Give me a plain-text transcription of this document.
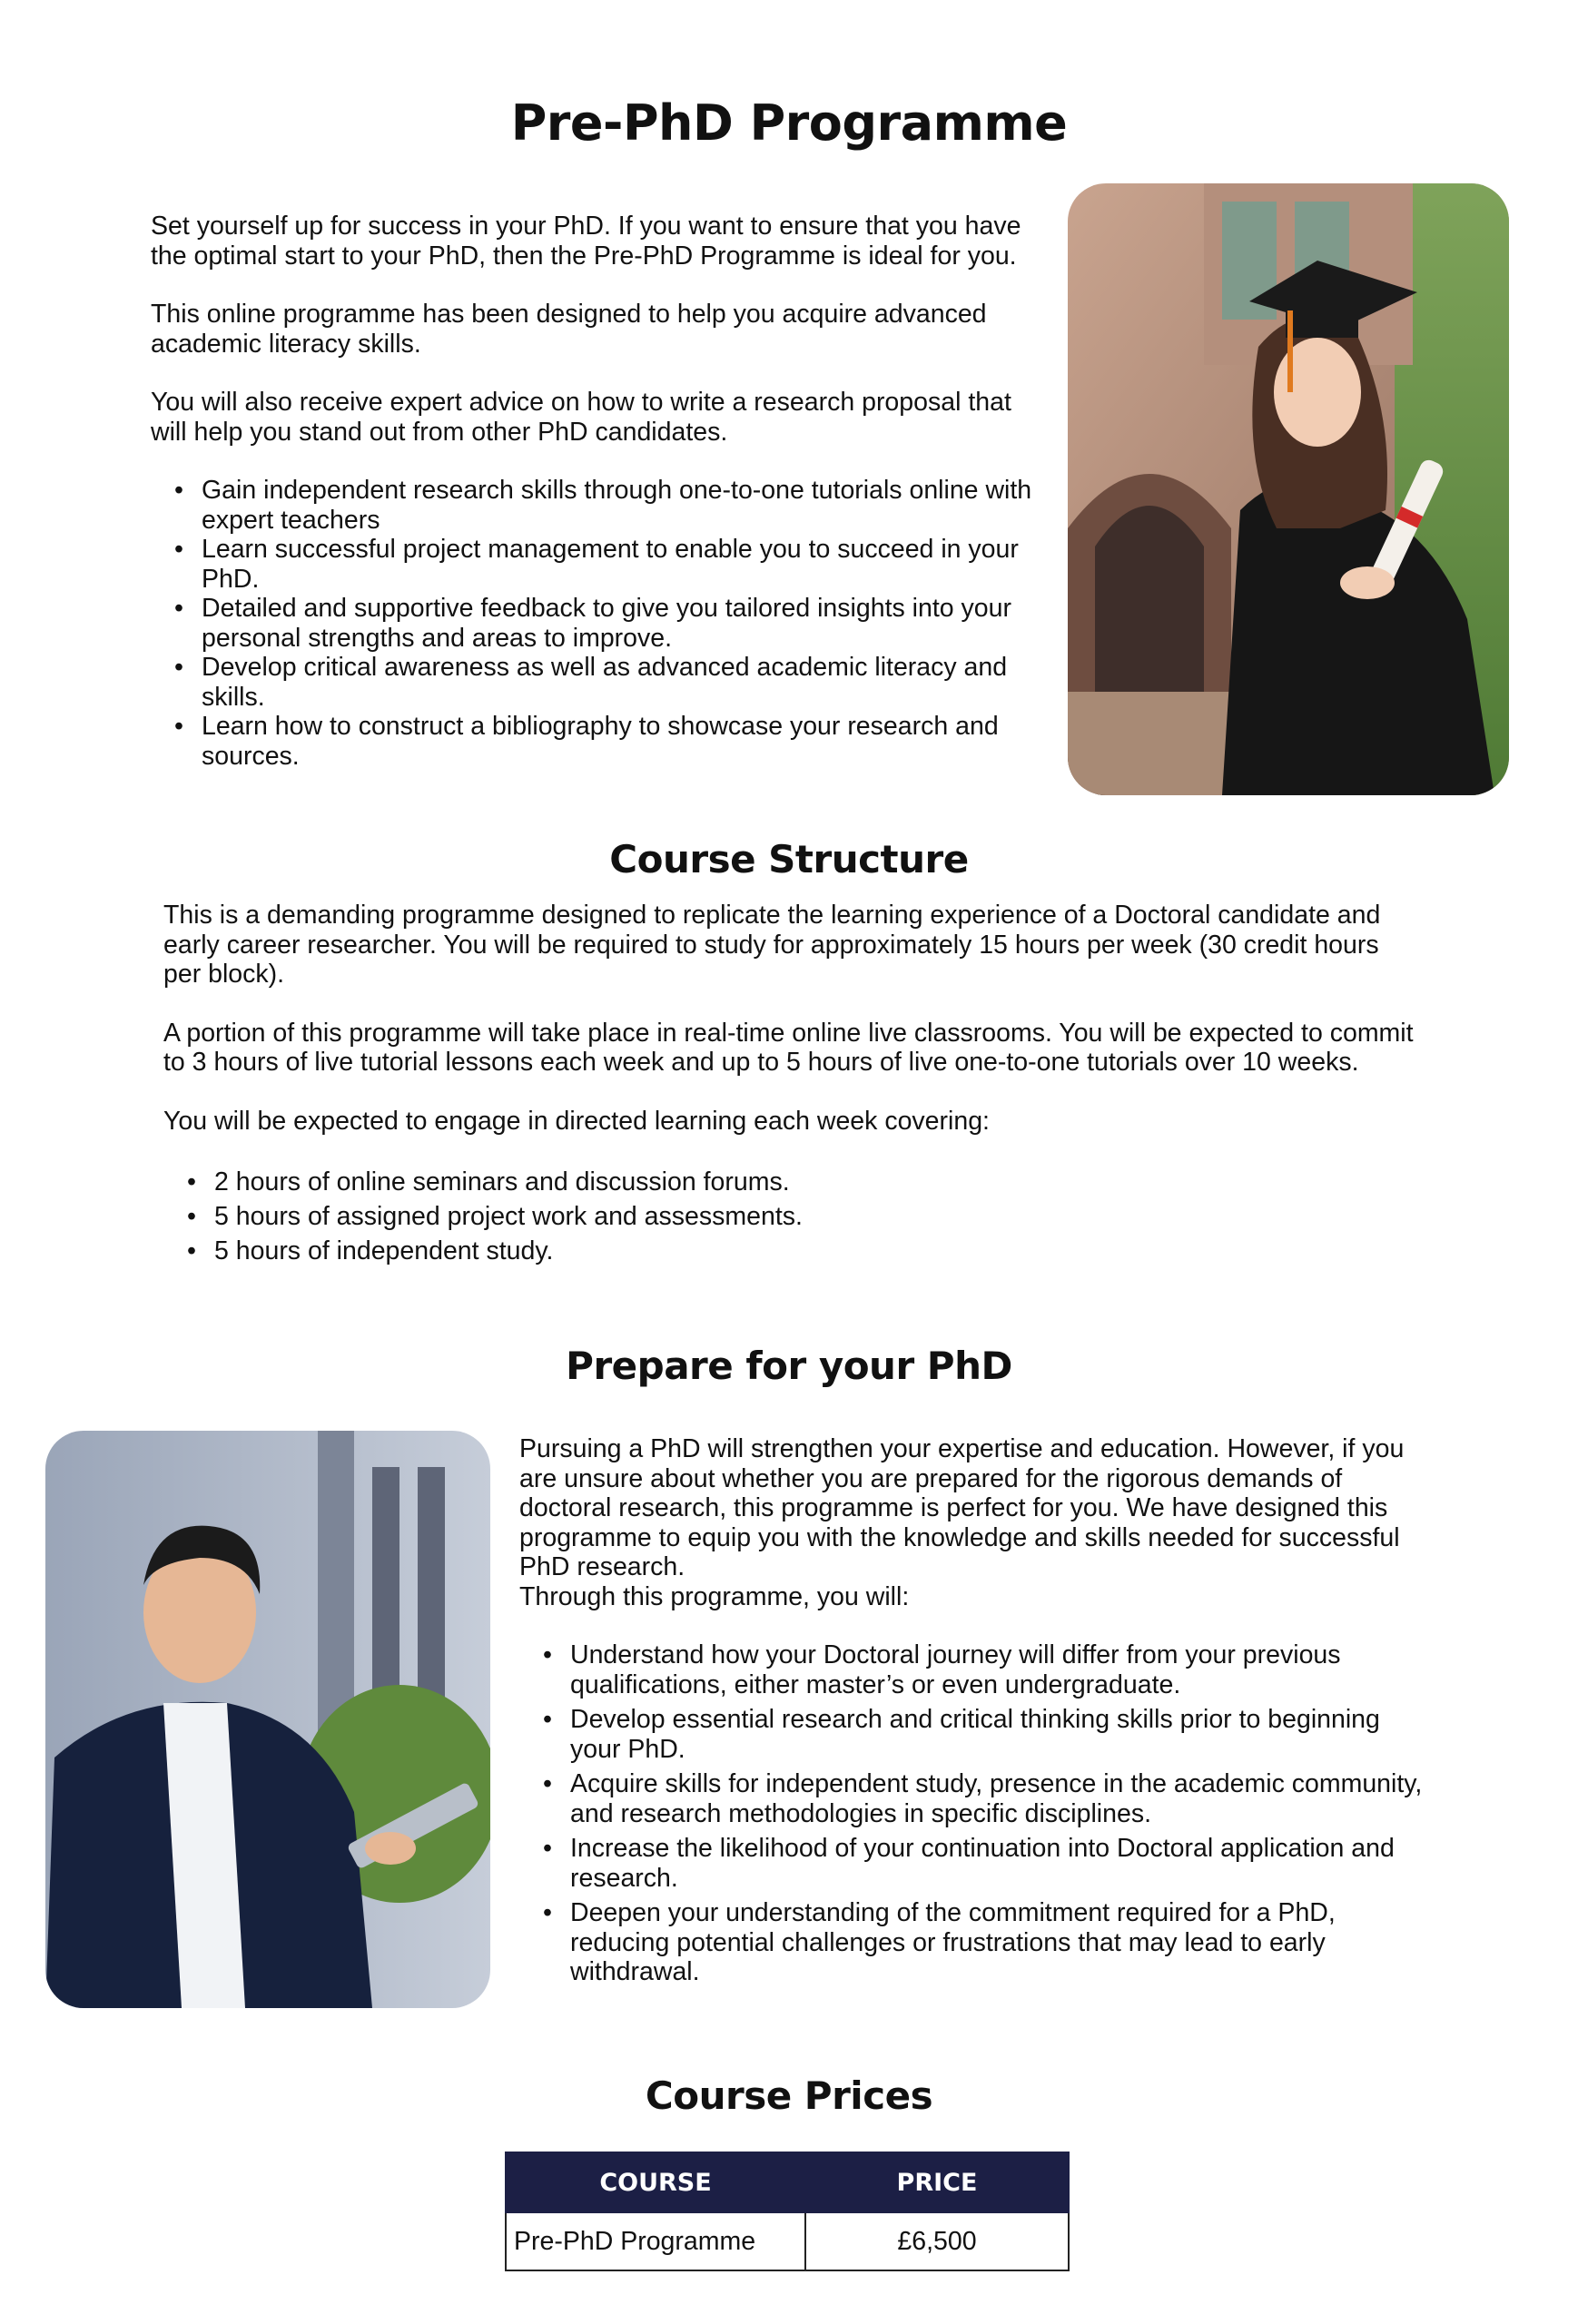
Pre-PhD Programme

Set yourself up for success in your PhD. If you want to ensure that you have the optimal start to your PhD, then the Pre-PhD Programme is ideal for you.

This online programme has been designed to help you acquire advanced academic literacy skills.

You will also receive expert advice on how to write a research proposal that will help you stand out from other PhD candidates.

• Gain independent research skills through one-to-one tutorials online with expert teachers
• Learn successful project management to enable you to succeed in your PhD.
• Detailed and supportive feedback to give you tailored insights into your personal strengths and areas to improve.
• Develop critical awareness as well as advanced academic literacy and skills.
• Learn how to construct a bibliography to showcase your research and sources.
Course Structure

This is a demanding programme designed to replicate the learning experience of a Doctoral candidate and early career researcher. You will be required to study for approximately 15 hours per week (30 credit hours per block).

A portion of this programme will take place in real-time online live classrooms. You will be expected to commit to 3 hours of live tutorial lessons each week and up to 5 hours of live one-to-one tutorials over 10 weeks.

You will be expected to engage in directed learning each week covering:

• 2 hours of online seminars and discussion forums.
• 5 hours of assigned project work and assessments.
• 5 hours of independent study.
Prepare for your PhD

Pursuing a PhD will strengthen your expertise and education. However, if you are unsure about whether you are prepared for the rigorous demands of doctoral research, this programme is perfect for you. We have designed this programme to equip you with the knowledge and skills needed for successful PhD research.

Through this programme, you will:

• Understand how your Doctoral journey will differ from your previous qualifications, either master’s or even undergraduate.
• Develop essential research and critical thinking skills prior to beginning your PhD.
• Acquire skills for independent study, presence in the academic community, and research methodologies in specific disciplines.
• Increase the likelihood of your continuation into Doctoral application and research.
• Deepen your understanding of the commitment required for a PhD, reducing potential challenges or frustrations that may lead to early withdrawal.
Course Prices
COURSE	PRICE
Pre-PhD Programme	£6,500
